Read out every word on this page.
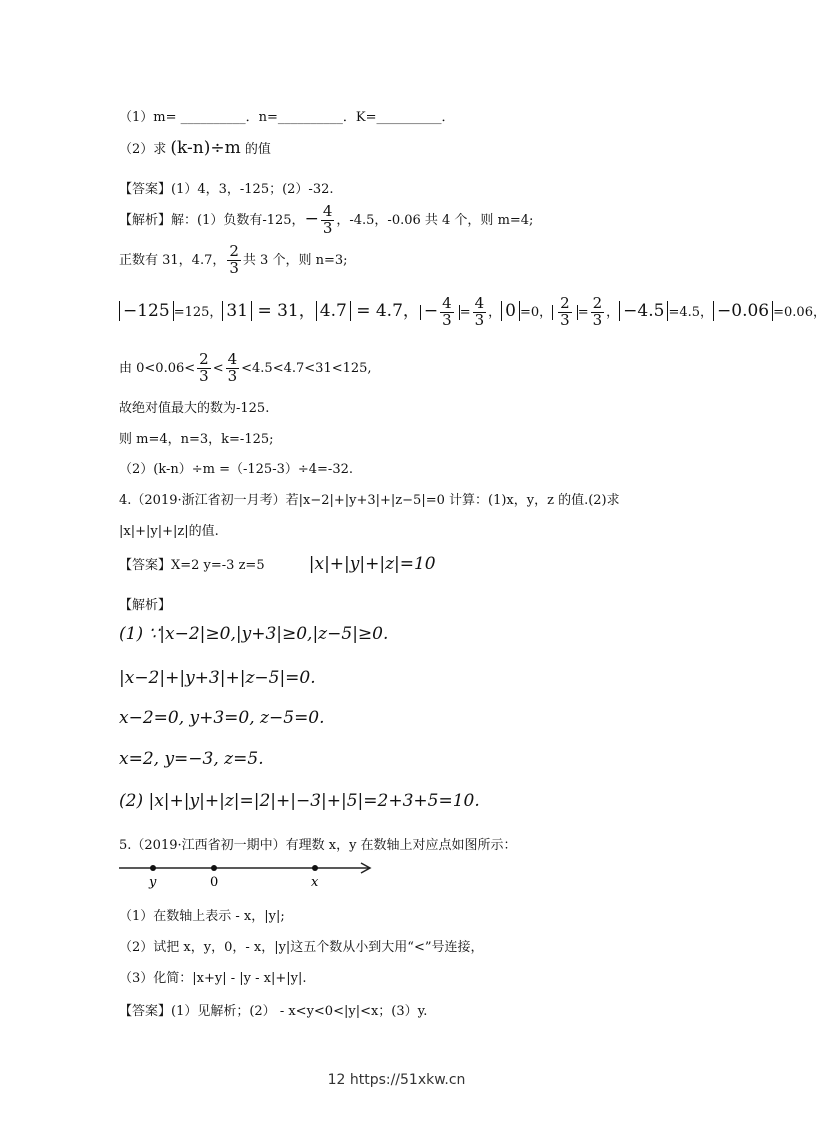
（1）m= __________．n=__________．K=__________．
（2）求 (k-n)÷m 的值
【答案】(1）4，3，-125；(2）-32.
【解析】解：(1）负数有-125，− $\frac{4}{3}$ ，-4.5，-0.06 共 4 个，则 m=4;
正数有 31，4.7， $\frac{2}{3}$ 共 3 个，则 n=3;
−125 =125， 31 = 31， 4.7 = 4.7， − $\frac{4}{3} = \frac{4}{3}$ ， 0 =0， $\frac{2}{3} = \frac{2}{3}$ ， −4.5 =4.5， −0.06 =0.06，
由 $0<0.06< \frac{2}{3} < \frac{4}{3} <4.5<4.7<31<125$,
故绝对值最大的数为-125.
则 m=4，n=3，k=-125;
（2）(k-n）÷m =（-125-3）÷4=-32.
4.（2019·浙江省初一月考）若|x−2|+|y+3|+|z−5|=0 计算：(1)x，y，z 的值.(2)求
|x|+|y|+|z|的值.
【答案】X=2 y=-3 z=5	|x|+|y|+|z|=10
【解析】
(1) ∵|x−2|≥0,|y+3|≥0,|z−5|≥0.
|x−2|+|y+3|+|z−5|=0.
x−2=0, y+3=0, z−5=0.
x=2, y=−3, z=5.
(2) |x|+|y|+|z|=|2|+|−3|+|5|=2+3+5=10.
5.（2019·江西省初一期中）有理数 x，y 在数轴上对应点如图所示：
y	0	x
（1）在数轴上表示 - x，|y|;
（2）试把 x，y，0，- x，|y|这五个数从小到大用“<”号连接，
（3）化简：|x+y| - |y - x|+|y|.
【答案】(1）见解析；(2） - x<y<0<|y|<x；(3）y.
12 https://51xkw.cn
